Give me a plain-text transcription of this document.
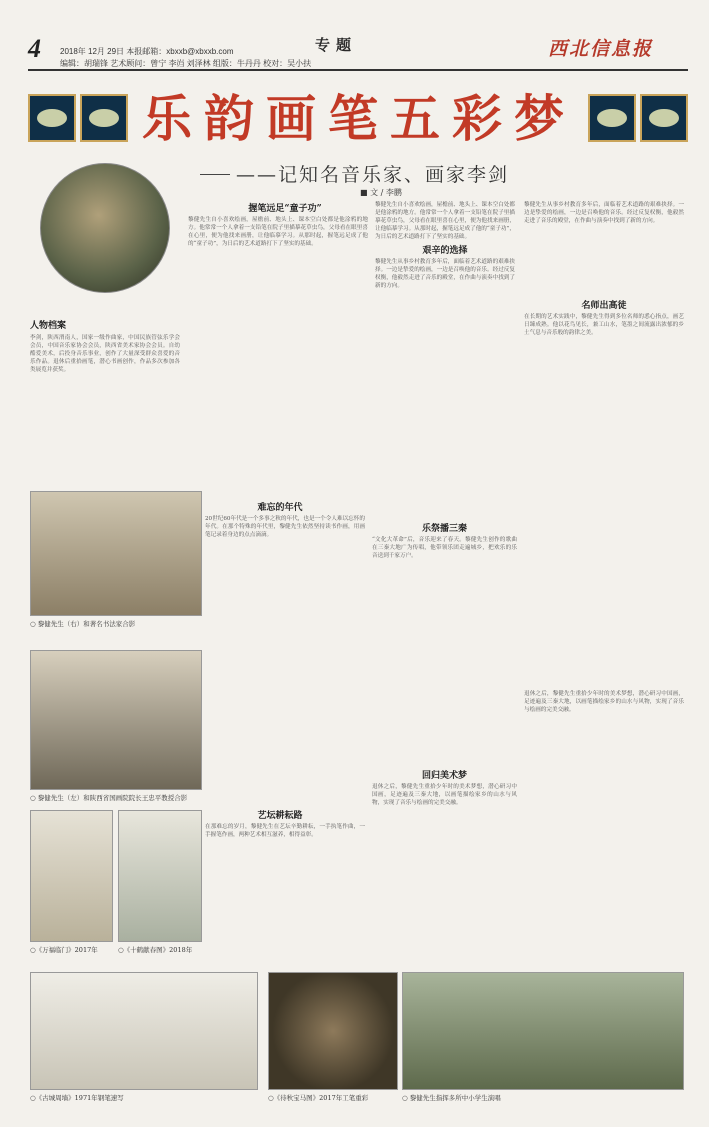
4 2018年 12月 29日 本报邮箱：xbxxb@xbxxb.com
编辑：胡瑞锋 艺术顾问：曾宁 李岿 刘泽林 组版：牛丹丹 校对：吴小扶
专题	西北信息报
乐韵画笔五彩梦
——记知名音乐家、画家李剑
■ 文 / 李鹏
人物档案
李剑，陕西渭南人，国家一级作曲家，中国民族管弦乐学会会员，中国音乐家协会会员，陕西省美术家协会会员。自幼酷爱美术，后投身音乐事业，创作了大量深受群众喜爱的音乐作品。退休后重拾画笔，潜心书画创作，作品多次参加各类展览并获奖。
握笔远足“童子功”
黎健先生自小喜欢绘画，屋檐前、地头上、课本空白处都是他涂鸦的地方。他常常一个人拿着一支铅笔在院子里描摹花草虫鸟，父母看在眼里喜在心里，便为他找来画册，让他临摹学习。从那时起，握笔远足成了他的“童子功”，为日后的艺术道路打下了坚实的基础。
黎健先生自小喜欢绘画，屋檐前、地头上、课本空白处都是他涂鸦的地方。他常常一个人拿着一支铅笔在院子里描摹花草虫鸟，父母看在眼里喜在心里，便为他找来画册，让他临摹学习。从那时起，握笔远足成了他的“童子功”，为日后的艺术道路打下了坚实的基础。
艰辛的选择
黎健先生从事乡村教育多年后，面临着艺术道路的艰难抉择。一边是挚爱的绘画，一边是召唤他的音乐。经过反复权衡，他毅然走进了音乐的殿堂，在作曲与演奏中找到了新的方向。
黎健先生从事乡村教育多年后，面临着艺术道路的艰难抉择。一边是挚爱的绘画，一边是召唤他的音乐。经过反复权衡，他毅然走进了音乐的殿堂，在作曲与演奏中找到了新的方向。
名师出高徒
在长期的艺术实践中，黎健先生得到多位名师的悉心指点，画艺日臻成熟。他以花鸟见长，兼工山水，笔墨之间流露出浓郁的乡土气息与音乐般的韵律之美。
○ 黎健先生（右）和著名书法家合影
○ 黎健先生（左）和陕西省国画院院长王忠平教授合影
难忘的年代
20世纪60年代是一个多事之秋的年代，也是一个令人难以忘怀的年代。在那个特殊的年代里，黎健先生依然坚持读书作画，用画笔记录着身边的点点滴滴。
艺坛耕耘路
在那难忘的岁月，黎健先生在艺坛辛勤耕耘，一手执笔作曲，一手握笔作画，两种艺术相互滋养，相得益彰。
乐祭播三秦
“文化大革命”后，音乐迎来了春天。黎健先生创作的歌曲在三秦大地广为传唱，他带领乐团走遍城乡，把欢乐的乐音送到千家万户。
回归美术梦
退休之后，黎健先生重拾少年时的美术梦想，潜心研习中国画，足迹遍及三秦大地，以画笔描绘家乡的山水与风物，实现了音乐与绘画的完美交融。
退休之后，黎健先生重拾少年时的美术梦想，潜心研习中国画，足迹遍及三秦大地，以画笔描绘家乡的山水与风物，实现了音乐与绘画的完美交融。
○《万福临门》2017年	○《十鹤献春图》2018年
○《古城周墙》1971年钢笔速写	○《待秋宝马图》2017年工笔重彩	○ 黎健先生指挥多所中小学生演唱
